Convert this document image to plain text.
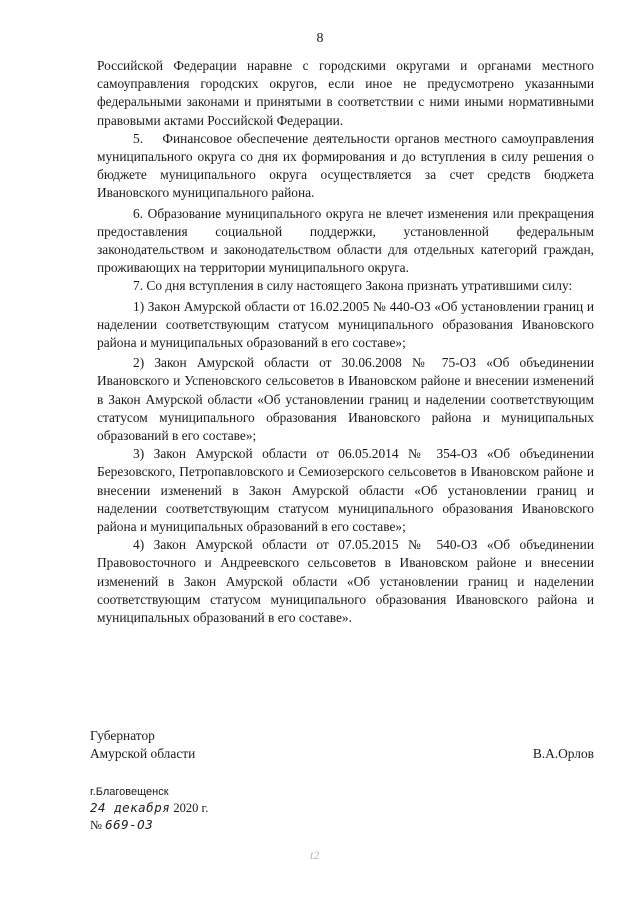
8

Российской Федерации наравне с городскими округами и органами местного самоуправления городских округов, если иное не предусмотрено указанными федеральными законами и принятыми в соответствии с ними иными нормативными правовыми актами Российской Федерации.

5.    Финансовое обеспечение деятельности органов местного самоуправления муниципального округа со дня их формирования и до вступления в силу решения о бюджете муниципального округа осуществляется за счет средств бюджета Ивановского муниципального района.

6. Образование муниципального округа не влечет изменения или прекращения предоставления социальной поддержки, установленной федеральным законодательством и законодательством области для отдельных категорий граждан, проживающих на территории муниципального округа.

7. Со дня вступления в силу настоящего Закона признать утратившими силу:

1) Закон Амурской области от 16.02.2005 № 440-ОЗ «Об установлении границ и наделении соответствующим статусом муниципального образования Ивановского района и муниципальных образований в его составе»;

2) Закон Амурской области от 30.06.2008 № 75-ОЗ «Об объединении Ивановского и Успеновского сельсоветов в Ивановском районе и внесении изменений в Закон Амурской области «Об установлении границ и наделении соответствующим статусом муниципального образования Ивановского района и муниципальных образований в его составе»;

3) Закон Амурской области от 06.05.2014 № 354-ОЗ «Об объединении Березовского, Петропавловского и Семиозерского сельсоветов в Ивановском районе и внесении изменений в Закон Амурской области «Об установлении границ и наделении соответствующим статусом муниципального образования Ивановского района и муниципальных образований в его составе»;

4) Закон Амурской области от 07.05.2015 № 540-ОЗ «Об объединении Правовосточного и Андреевского сельсоветов в Ивановском районе и внесении изменений в Закон Амурской области «Об установлении границ и наделении соответствующим статусом муниципального образования Ивановского района и муниципальных образований в его составе».

Губернатор
Амурской области	В.А.Орлов
г.Благовещенск
24 декабря 2020 г.
№ 669-ОЗ
t2
